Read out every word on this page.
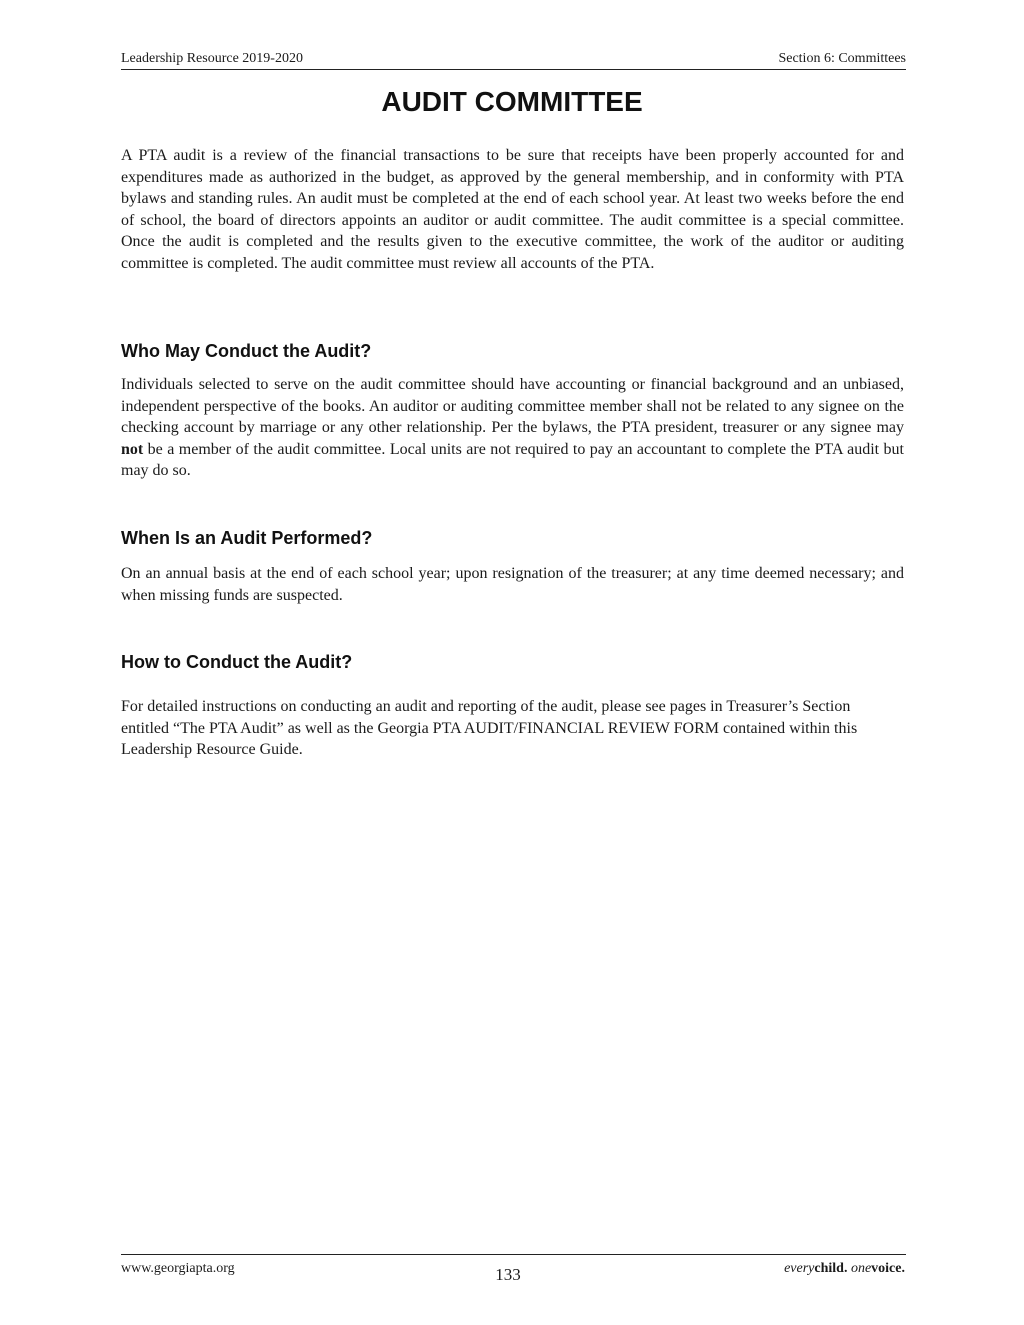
Leadership Resource 2019-2020	Section 6: Committees
AUDIT COMMITTEE

A PTA audit is a review of the financial transactions to be sure that receipts have been properly accounted for and expenditures made as authorized in the budget, as approved by the general membership, and in conformity with PTA bylaws and standing rules. An audit must be completed at the end of each school year. At least two weeks before the end of school, the board of directors appoints an auditor or audit committee. The audit committee is a special committee. Once the audit is completed and the results given to the executive committee, the work of the auditor or auditing committee is completed. The audit committee must review all accounts of the PTA.

Who May Conduct the Audit?

Individuals selected to serve on the audit committee should have accounting or financial background and an unbiased, independent perspective of the books. An auditor or auditing committee member shall not be related to any signee on the checking account by marriage or any other relationship. Per the bylaws, the PTA president, treasurer or any signee may not be a member of the audit committee. Local units are not required to pay an accountant to complete the PTA audit but may do so.

When Is an Audit Performed?

On an annual basis at the end of each school year; upon resignation of the treasurer; at any time deemed necessary; and when missing funds are suspected.

How to Conduct the Audit?

For detailed instructions on conducting an audit and reporting of the audit, please see pages in Treasurer’s Section entitled “The PTA Audit” as well as the Georgia PTA AUDIT/FINANCIAL REVIEW FORM contained within this Leadership Resource Guide.

www.georgiapta.org	133	everychild. onevoice.
